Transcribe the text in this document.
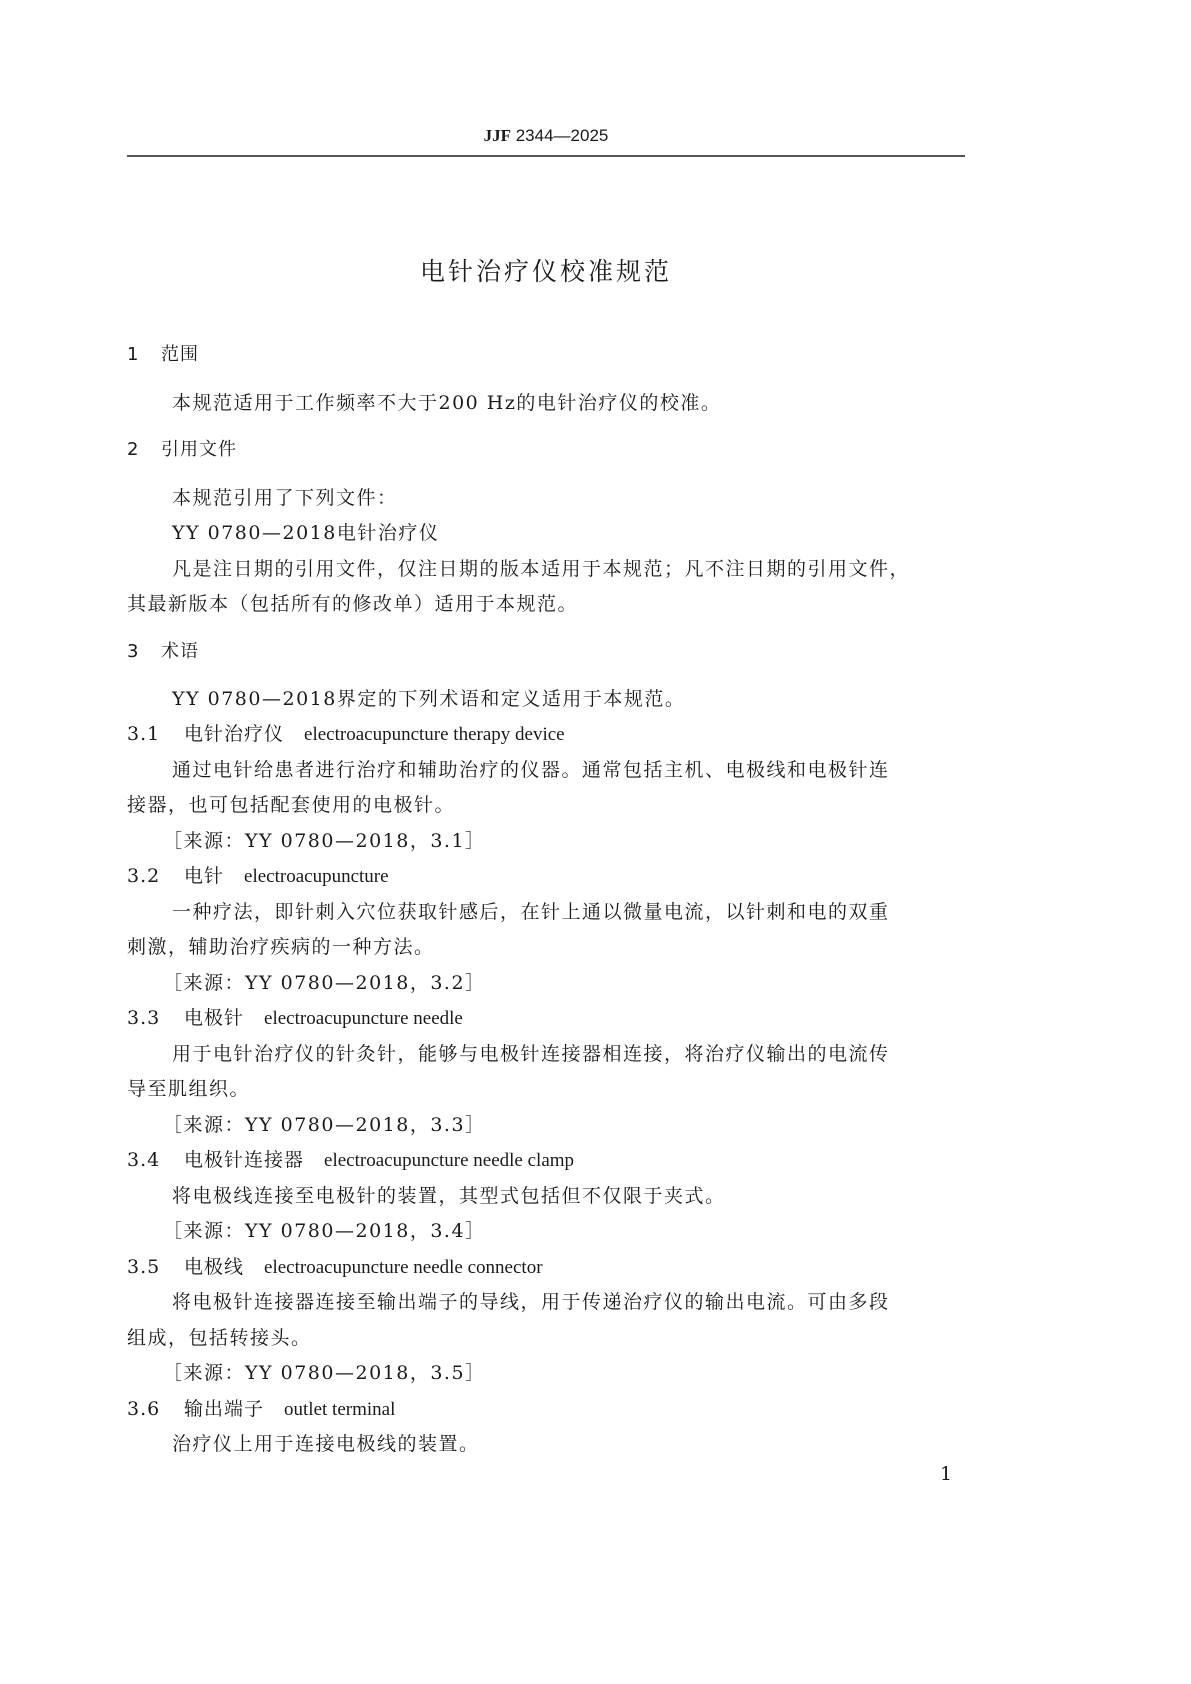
JJF 2344—2025
电针治疗仪校准规范
1 范围
本规范适用于工作频率不大于200 Hz的电针治疗仪的校准。
2 引用文件
本规范引用了下列文件：
YY 0780—2018电针治疗仪
凡是注日期的引用文件，仅注日期的版本适用于本规范；凡不注日期的引用文件，
其最新版本（包括所有的修改单）适用于本规范。
3 术语
YY 0780—2018界定的下列术语和定义适用于本规范。
3.1 电针治疗仪 electroacupuncture therapy device
通过电针给患者进行治疗和辅助治疗的仪器。通常包括主机、电极线和电极针连
接器，也可包括配套使用的电极针。
［来源：YY 0780—2018，3.1］
3.2 电针 electroacupuncture
一种疗法，即针刺入穴位获取针感后，在针上通以微量电流，以针刺和电的双重
刺激，辅助治疗疾病的一种方法。
［来源：YY 0780—2018，3.2］
3.3 电极针 electroacupuncture needle
用于电针治疗仪的针灸针，能够与电极针连接器相连接，将治疗仪输出的电流传
导至肌组织。
［来源：YY 0780—2018，3.3］
3.4 电极针连接器 electroacupuncture needle clamp
将电极线连接至电极针的装置，其型式包括但不仅限于夹式。
［来源：YY 0780—2018，3.4］
3.5 电极线 electroacupuncture needle connector
将电极针连接器连接至输出端子的导线，用于传递治疗仪的输出电流。可由多段
组成，包括转接头。
［来源：YY 0780—2018，3.5］
3.6 输出端子 outlet terminal
治疗仪上用于连接电极线的装置。
1
